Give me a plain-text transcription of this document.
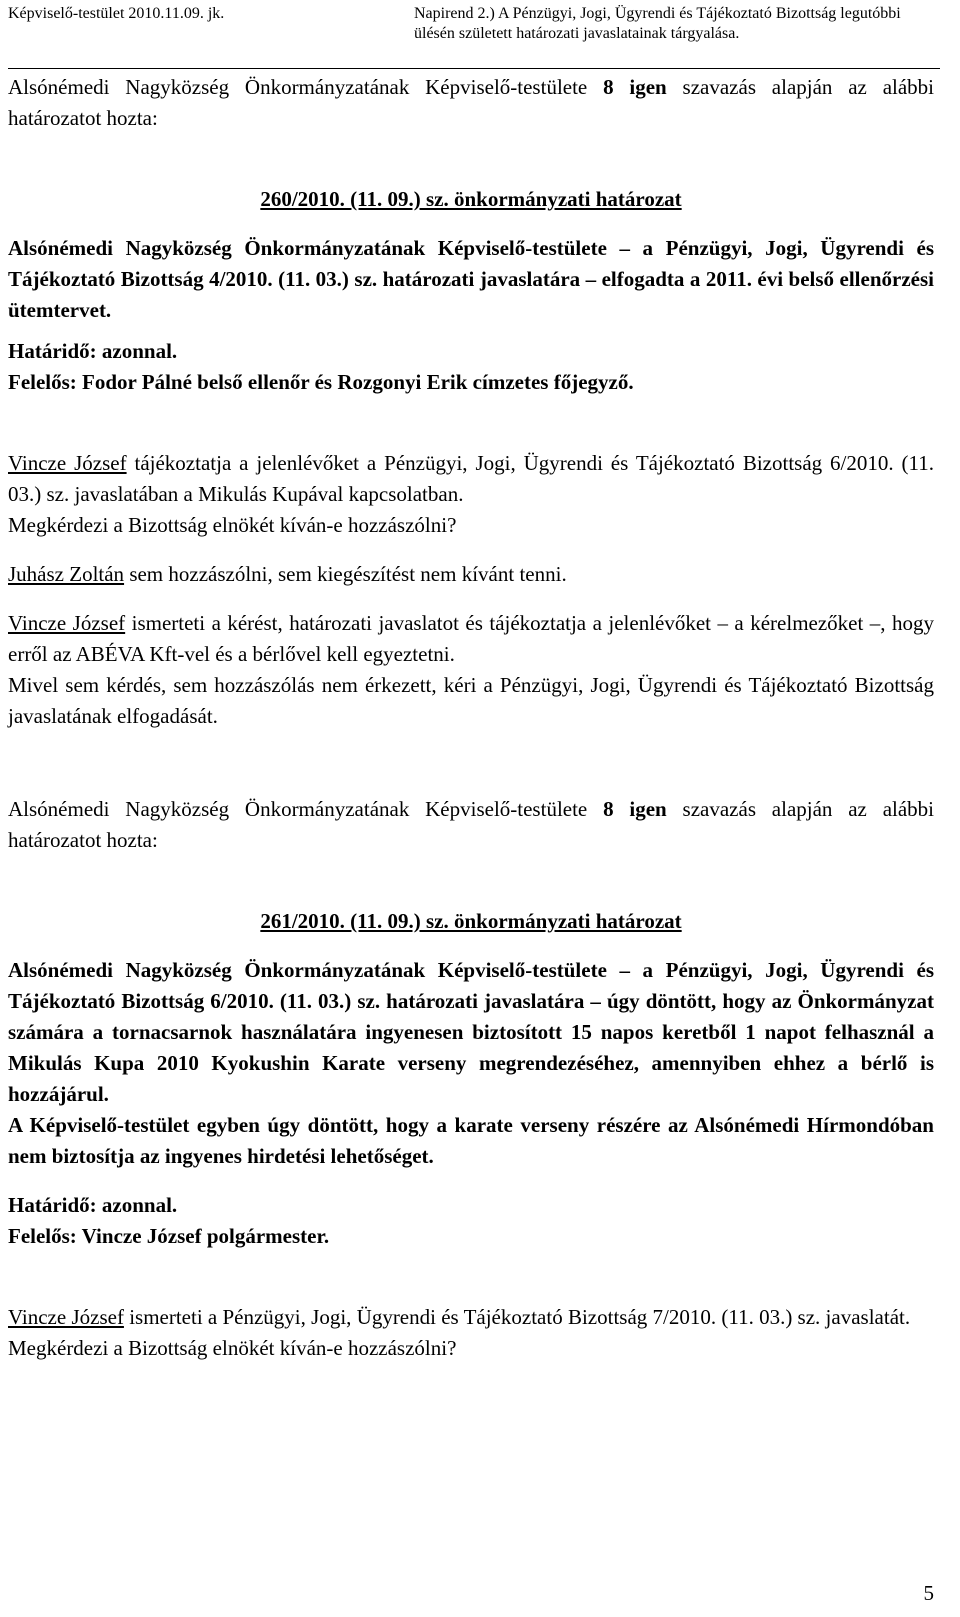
Képviselő-testület 2010.11.09. jk.	Napirend 2.) A Pénzügyi, Jogi, Ügyrendi és Tájékoztató Bizottság legutóbbi ülésén született határozati javaslatainak tárgyalása.

Alsónémedi Nagyközség Önkormányzatának Képviselő-testülete 8 igen szavazás alapján az alábbi határozatot hozta:

260/2010. (11. 09.) sz. önkormányzati határozat

Alsónémedi Nagyközség Önkormányzatának Képviselő-testülete – a Pénzügyi, Jogi, Ügyrendi és Tájékoztató Bizottság 4/2010. (11. 03.) sz. határozati javaslatára – elfogadta a 2011. évi belső ellenőrzési ütemtervet.

Határidő: azonnal.

Felelős: Fodor Pálné belső ellenőr és Rozgonyi Erik címzetes főjegyző.

Vincze József tájékoztatja a jelenlévőket a Pénzügyi, Jogi, Ügyrendi és Tájékoztató Bizottság 6/2010. (11. 03.) sz. javaslatában a Mikulás Kupával kapcsolatban.

Megkérdezi a Bizottság elnökét kíván-e hozzászólni?

Juhász Zoltán sem hozzászólni, sem kiegészítést nem kívánt tenni.

Vincze József ismerteti a kérést, határozati javaslatot és tájékoztatja a jelenlévőket – a kérelmezőket –, hogy erről az ABÉVA Kft-vel és a bérlővel kell egyeztetni.

Mivel sem kérdés, sem hozzászólás nem érkezett, kéri a Pénzügyi, Jogi, Ügyrendi és Tájékoztató Bizottság javaslatának elfogadását.

Alsónémedi Nagyközség Önkormányzatának Képviselő-testülete 8 igen szavazás alapján az alábbi határozatot hozta:

261/2010. (11. 09.) sz. önkormányzati határozat

Alsónémedi Nagyközség Önkormányzatának Képviselő-testülete – a Pénzügyi, Jogi, Ügyrendi és Tájékoztató Bizottság 6/2010. (11. 03.) sz. határozati javaslatára – úgy döntött, hogy az Önkormányzat számára a tornacsarnok használatára ingyenesen biztosított 15 napos keretből 1 napot felhasznál a Mikulás Kupa 2010 Kyokushin Karate verseny megrendezéséhez, amennyiben ehhez a bérlő is hozzájárul.

A Képviselő-testület egyben úgy döntött, hogy a karate verseny részére az Alsónémedi Hírmondóban nem biztosítja az ingyenes hirdetési lehetőséget.

Határidő: azonnal.

Felelős: Vincze József polgármester.

Vincze József ismerteti a Pénzügyi, Jogi, Ügyrendi és Tájékoztató Bizottság 7/2010. (11. 03.) sz. javaslatát.

Megkérdezi a Bizottság elnökét kíván-e hozzászólni?

5
